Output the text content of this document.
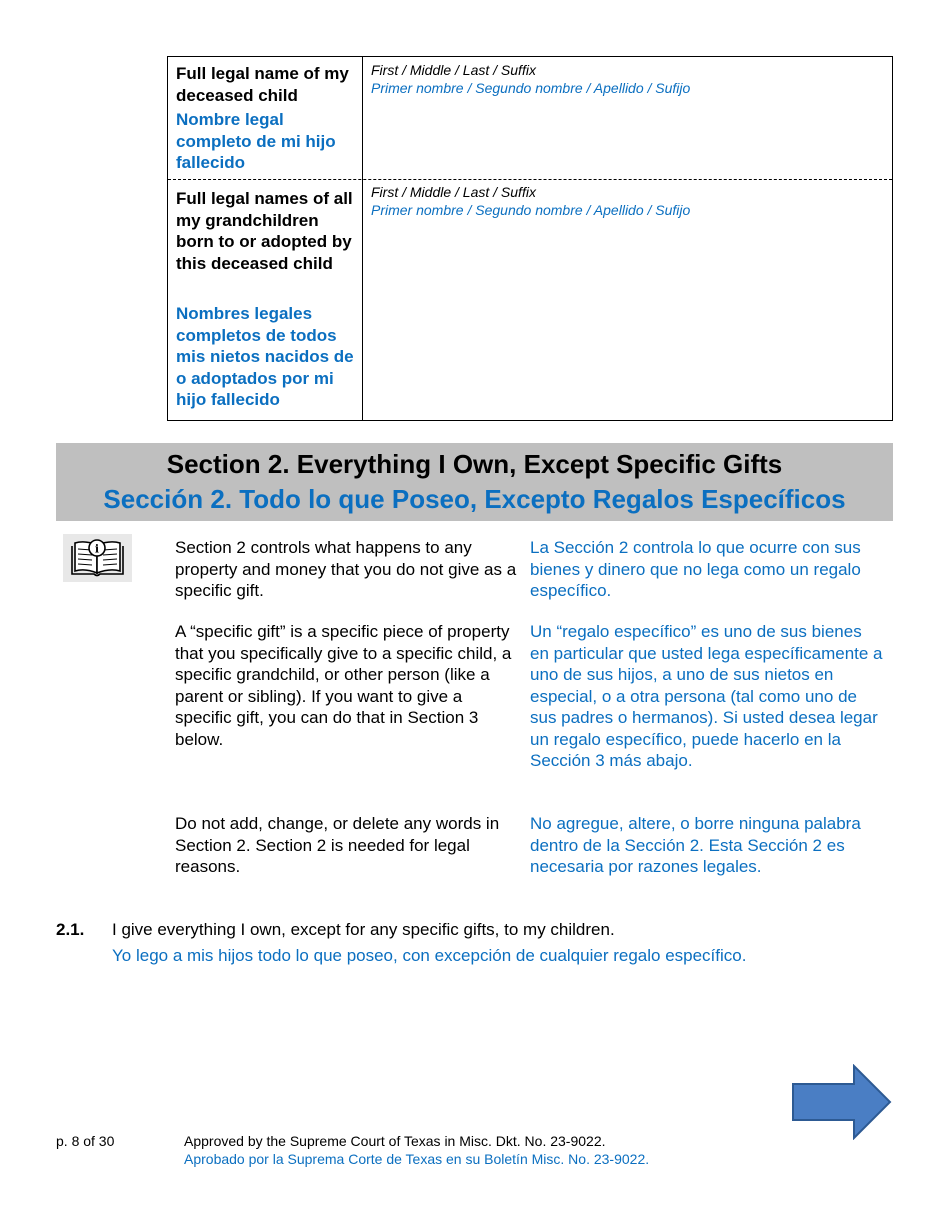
Full legal name of my deceased child
Nombre legal completo de mi hijo fallecido
First / Middle / Last / Suffix
Primer nombre / Segundo nombre / Apellido / Sufijo
Full legal names of all my grandchildren born to or adopted by this deceased child
Nombres legales completos de todos mis nietos nacidos de o adoptados por mi hijo fallecido
First / Middle / Last / Suffix
Primer nombre / Segundo nombre / Apellido / Sufijo
Section 2. Everything I Own, Except Specific Gifts
Sección 2. Todo lo que Poseo, Excepto Regalos Específicos
i	Section 2 controls what happens to any property and money that you do not give as a specific gift.
La Sección 2 controla lo que ocurre con sus bienes y dinero que no lega como un regalo específico.
A “specific gift” is a specific piece of property that you specifically give to a specific child, a specific grandchild, or other person (like a parent or sibling). If you want to give a specific gift, you can do that in Section 3 below.
Un “regalo específico” es uno de sus bienes en particular que usted lega específicamente a uno de sus hijos, a uno de sus nietos en especial, o a otra persona (tal como uno de sus padres o hermanos). Si usted desea legar un regalo específico, puede hacerlo en la Sección 3 más abajo.
Do not add, change, or delete any words in Section 2. Section 2 is needed for legal reasons.
No agregue, altere, o borre ninguna palabra dentro de la Sección 2. Esta Sección 2 es necesaria por razones legales.
2.1. I give everything I own, except for any specific gifts, to my children.
Yo lego a mis hijos todo lo que poseo, con excepción de cualquier regalo específico.
p. 8 of 30	Approved by the Supreme Court of Texas in Misc. Dkt. No. 23-9022.
Aprobado por la Suprema Corte de Texas en su Boletín Misc. No. 23-9022.
